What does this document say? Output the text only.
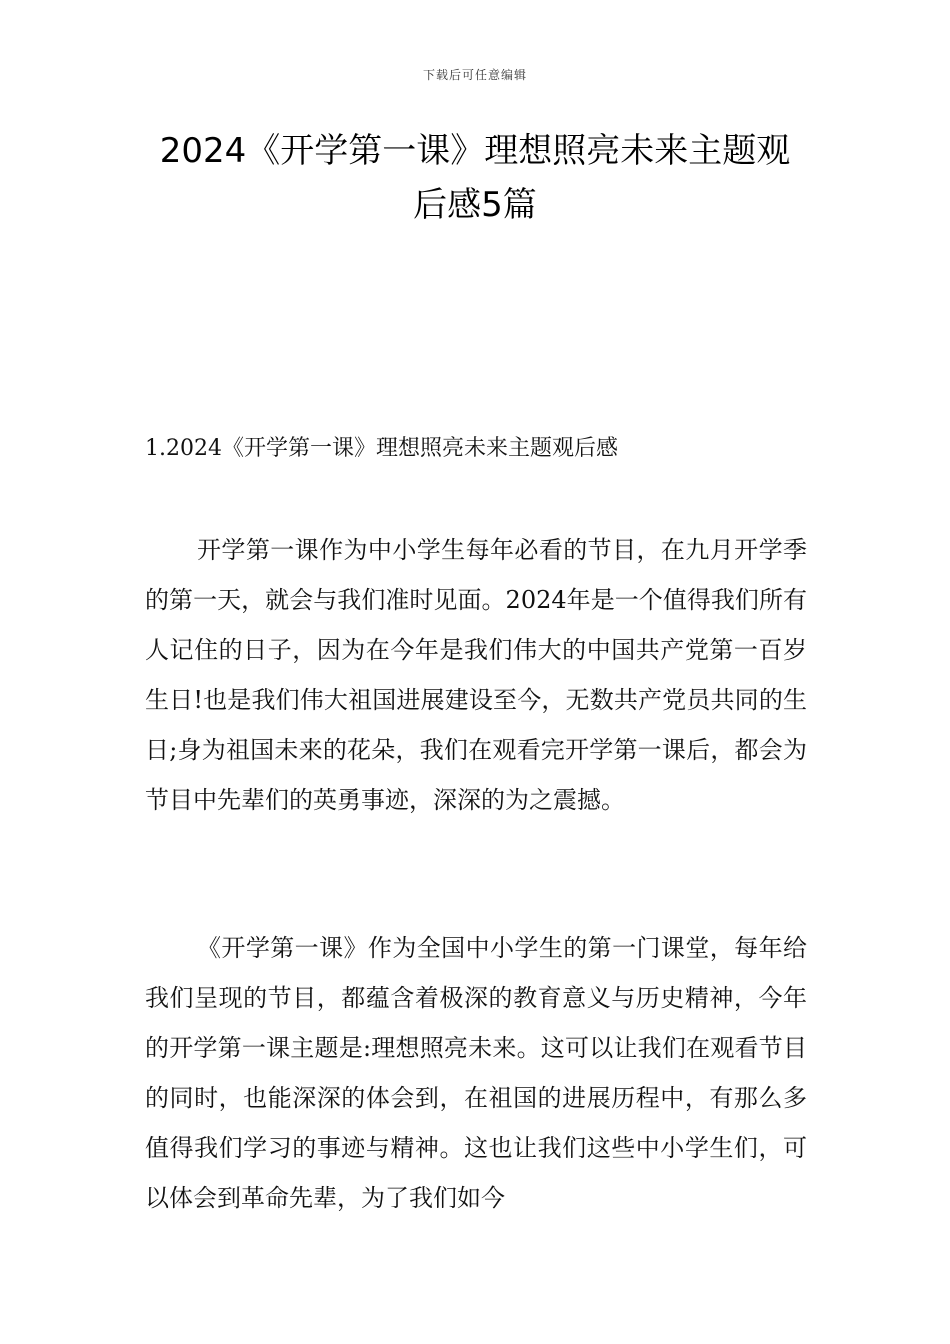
下载后可任意编辑
2024《开学第一课》理想照亮未来主题观后感5篇
1.2024《开学第一课》理想照亮未来主题观后感

开学第一课作为中小学生每年必看的节目，在九月开学季的第一天，就会与我们准时见面。2024年是一个值得我们所有人记住的日子，因为在今年是我们伟大的中国共产党第一百岁生日!也是我们伟大祖国进展建设至今，无数共产党员共同的生日;身为祖国未来的花朵，我们在观看完开学第一课后，都会为节目中先辈们的英勇事迹，深深的为之震撼。

《开学第一课》作为全国中小学生的第一门课堂，每年给我们呈现的节目，都蕴含着极深的教育意义与历史精神，今年的开学第一课主题是:理想照亮未来。这可以让我们在观看节目的同时，也能深深的体会到，在祖国的进展历程中，有那么多值得我们学习的事迹与精神。这也让我们这些中小学生们，可以体会到革命先辈，为了我们如今
